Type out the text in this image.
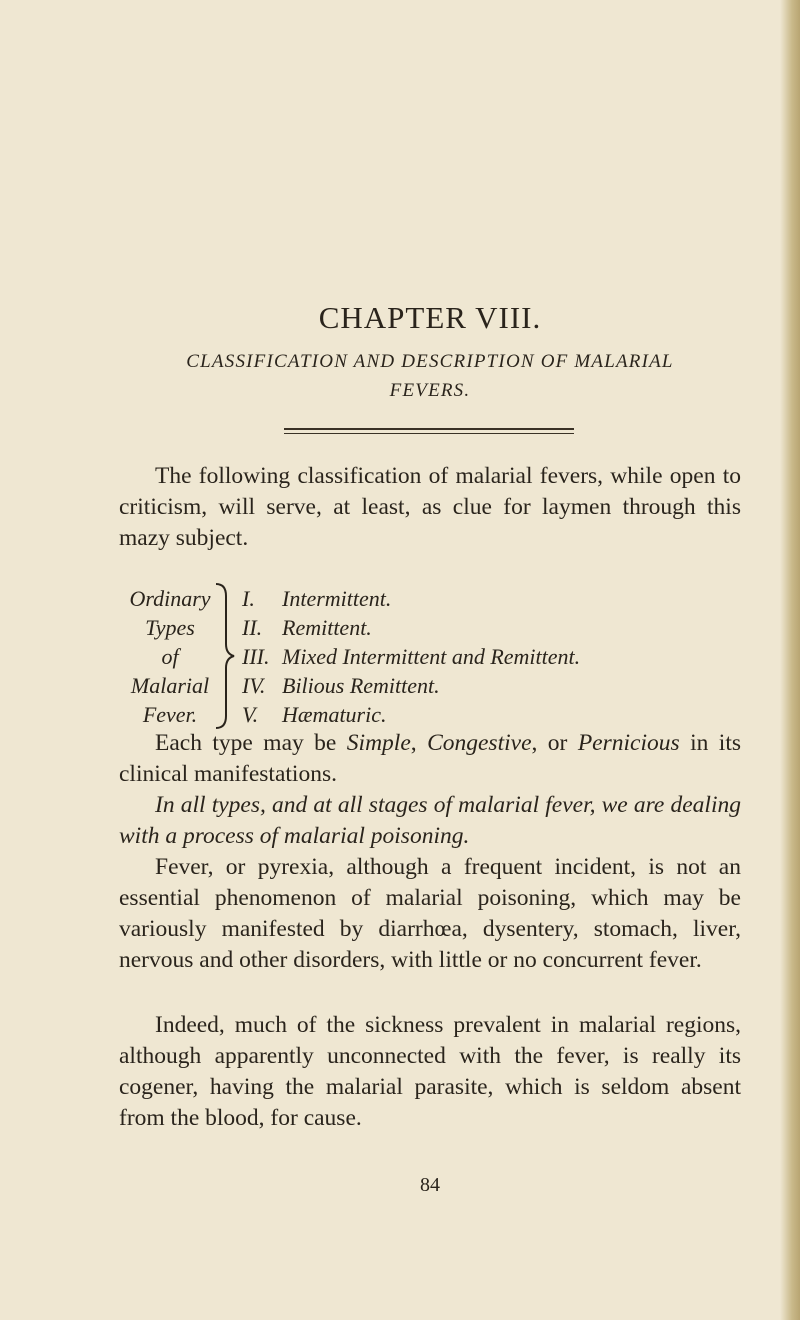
CHAPTER VIII.
CLASSIFICATION AND DESCRIPTION OF MALARIAL
FEVERS.

The following classification of malarial fevers, while open to criticism, will serve, at least, as clue for laymen through this mazy subject.

Ordinary
Types
of
Malarial
Fever.
I. Intermittent.
II. Remittent.
III. Mixed Intermittent and Remittent.
IV. Bilious Remittent.
V. Hæmaturic.

Each type may be Simple, Congestive, or Pernicious in its clinical manifestations.

In all types, and at all stages of malarial fever, we are dealing with a process of malarial poisoning.

Fever, or pyrexia, although a frequent incident, is not an essential phenomenon of malarial poisoning, which may be variously manifested by diarrhœa, dysentery, stomach, liver, nervous and other disorders, with little or no concurrent fever.

Indeed, much of the sickness prevalent in malarial regions, although apparently unconnected with the fever, is really its cogener, having the malarial parasite, which is seldom absent from the blood, for cause.

84
